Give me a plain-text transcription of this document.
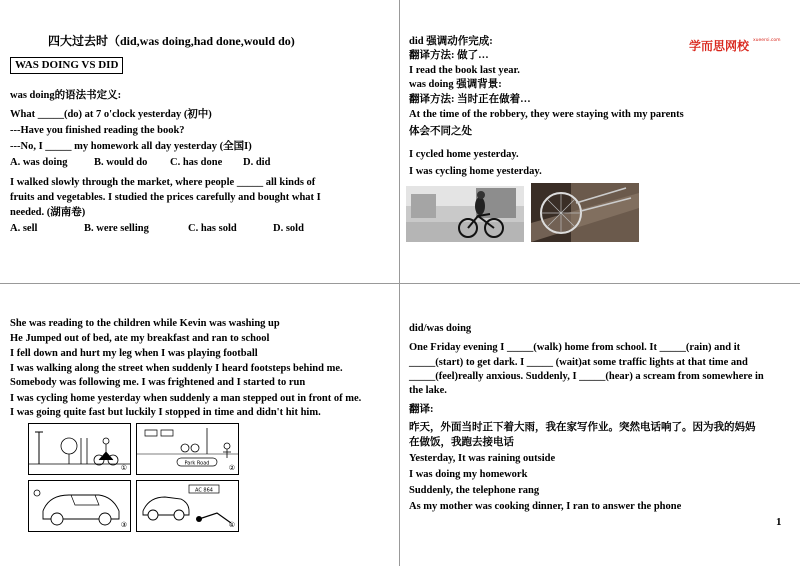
四大过去时（did,was doing,had done,would do)
WAS DOING VS DID
was doing的语法书定义:
What _____(do) at 7 o'clock yesterday (初中)
---Have you finished reading the book?
---No, I _____ my homework all day yesterday (全国I)
A. was doing	B. would do C. has done D. did
I walked slowly through the market, where people _____ all kinds of
fruits and vegetables. I studied the prices carefully and bought what I
needed. (湖南卷)
A. sell	B. were selling	C. has sold	D. sold
学而思网校 xueersi.com
did 强调动作完成:
翻译方法: 做了…
I read the book last year.
was doing 强调背景:
翻译方法: 当时正在做着…
At the time of the robbery, they were staying with my parents
体会不同之处
I cycled home yesterday.
I was cycling home yesterday.
She was reading to the children while Kevin was washing up
He Jumped out of bed, ate my breakfast and ran to school
I fell down and hurt my leg when I was playing football
I was walking along the street when suddenly I heard footsteps behind me.
Somebody was following me. I was frightened and I started to run
I was cycling home yesterday when suddenly a man stepped out in front of me.
I was going quite fast but luckily I stopped in time and didn't hit him.
①
Park Road
②
③
AC 864
④
did/was doing
One Friday evening I _____(walk) home from school. It _____(rain) and it
_____(start) to get dark. I _____ (wait)at some traffic lights at that time and
_____(feel)really anxious. Suddenly, I _____(hear) a scream from somewhere in
the lake.
翻译:
昨天，外面当时正下着大雨，我在家写作业。突然电话响了。因为我的妈妈
在做饭，我跑去接电话
Yesterday, It was raining outside
I was doing my homework
Suddenly, the telephone rang
As my mother was cooking dinner, I ran to answer the phone
1
